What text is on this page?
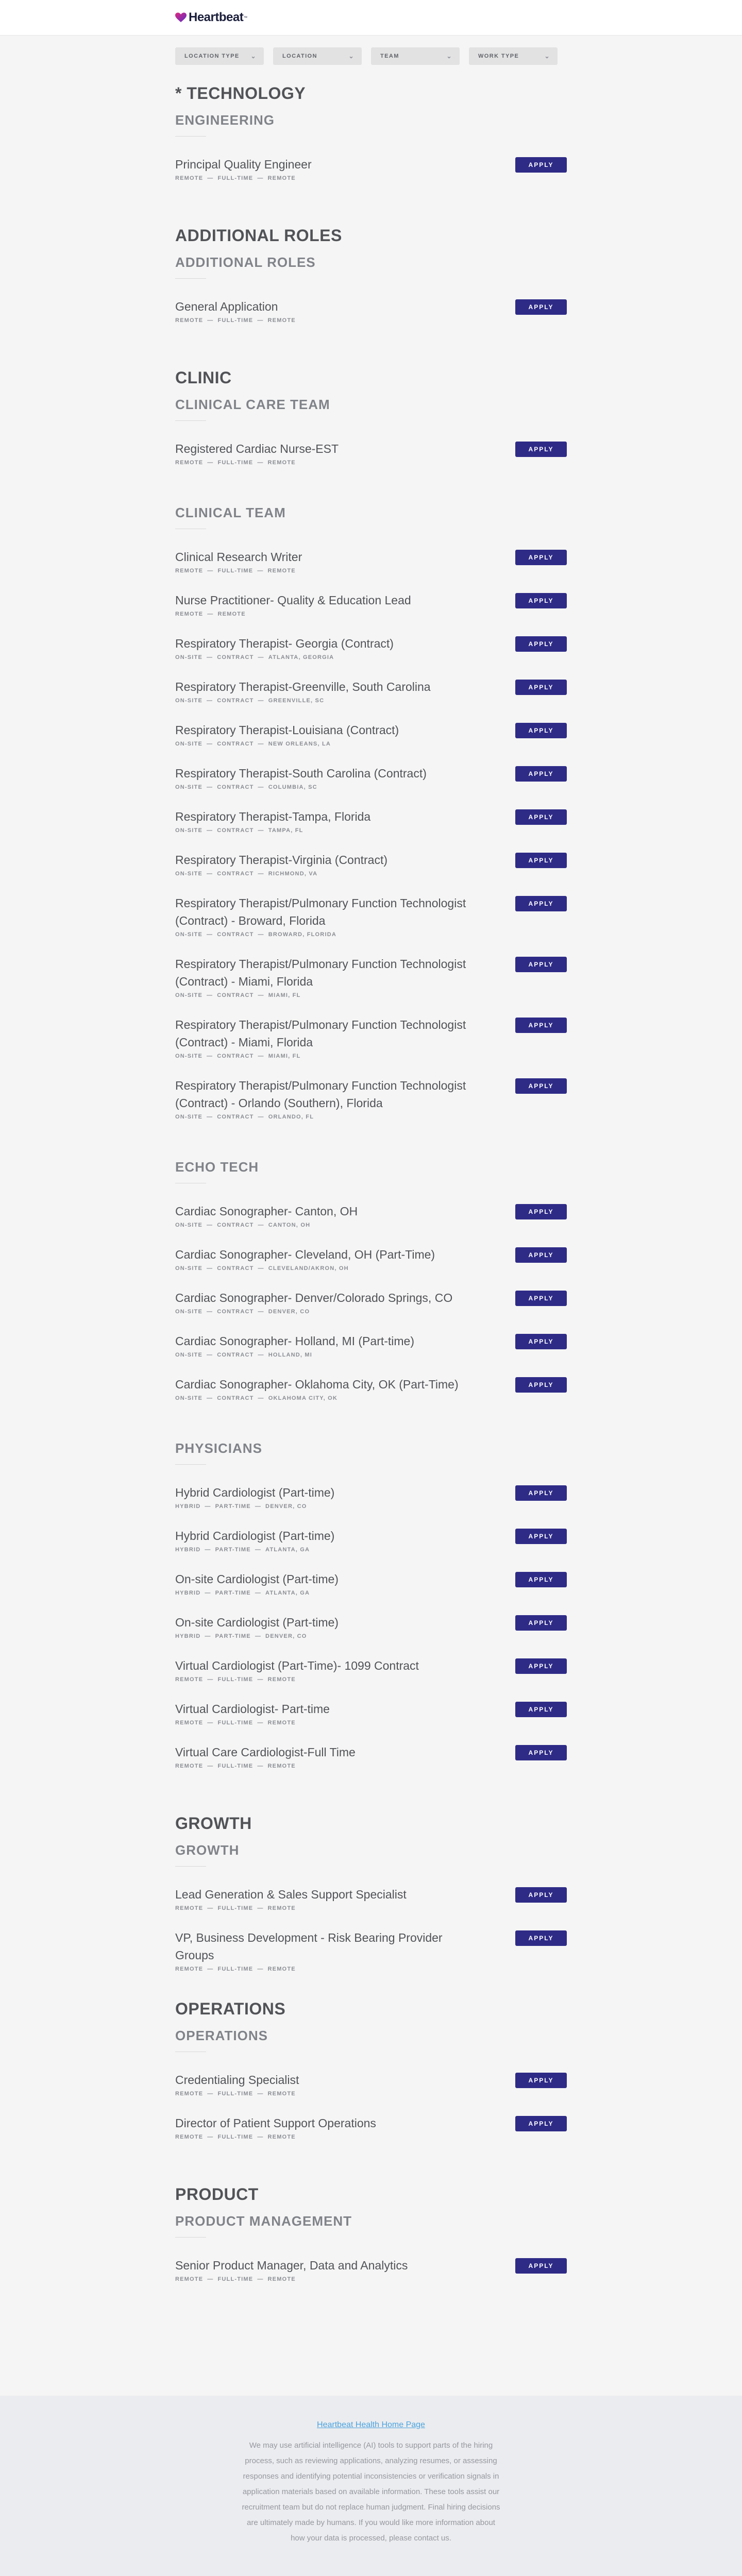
Heartbeat ™
LOCATION TYPE ⌄	LOCATION	⌄	TEAM	⌄	WORK TYPE	⌄
* TECHNOLOGY
ENGINEERING
Principal Quality Engineer
REMOTE — FULL-TIME — REMOTE
APPLY
ADDITIONAL ROLES
ADDITIONAL ROLES
General Application
REMOTE — FULL-TIME — REMOTE
APPLY
CLINIC
CLINICAL CARE TEAM
Registered Cardiac Nurse-EST
REMOTE — FULL-TIME — REMOTE
APPLY
CLINICAL TEAM
Clinical Research Writer
REMOTE — FULL-TIME — REMOTE
APPLY
Nurse Practitioner- Quality & Education Lead
REMOTE — REMOTE
APPLY
Respiratory Therapist- Georgia (Contract)
ON-SITE — CONTRACT — ATLANTA, GEORGIA
APPLY
Respiratory Therapist-Greenville, South Carolina
ON-SITE — CONTRACT — GREENVILLE, SC
APPLY
Respiratory Therapist-Louisiana (Contract)
ON-SITE — CONTRACT — NEW ORLEANS, LA
APPLY
Respiratory Therapist-South Carolina (Contract)
ON-SITE — CONTRACT — COLUMBIA, SC
APPLY
Respiratory Therapist-Tampa, Florida
ON-SITE — CONTRACT — TAMPA, FL
APPLY
Respiratory Therapist-Virginia (Contract)
ON-SITE — CONTRACT — RICHMOND, VA
APPLY
Respiratory Therapist/Pulmonary Function Technologist (Contract) - Broward, Florida
ON-SITE — CONTRACT — BROWARD, FLORIDA
APPLY
Respiratory Therapist/Pulmonary Function Technologist (Contract) - Miami, Florida
ON-SITE — CONTRACT — MIAMI, FL
APPLY
Respiratory Therapist/Pulmonary Function Technologist (Contract) - Miami, Florida
ON-SITE — CONTRACT — MIAMI, FL
APPLY
Respiratory Therapist/Pulmonary Function Technologist (Contract) - Orlando (Southern), Florida
ON-SITE — CONTRACT — ORLANDO, FL
APPLY
ECHO TECH
Cardiac Sonographer- Canton, OH
ON-SITE — CONTRACT — CANTON, OH
APPLY
Cardiac Sonographer- Cleveland, OH (Part-Time)
ON-SITE — CONTRACT — CLEVELAND/AKRON, OH
APPLY
Cardiac Sonographer- Denver/Colorado Springs, CO
ON-SITE — CONTRACT — DENVER, CO
APPLY
Cardiac Sonographer- Holland, MI (Part-time)
ON-SITE — CONTRACT — HOLLAND, MI
APPLY
Cardiac Sonographer- Oklahoma City, OK (Part-Time)
ON-SITE — CONTRACT — OKLAHOMA CITY, OK
APPLY
PHYSICIANS
Hybrid Cardiologist (Part-time)
HYBRID — PART-TIME — DENVER, CO
APPLY
Hybrid Cardiologist (Part-time)
HYBRID — PART-TIME — ATLANTA, GA
APPLY
On-site Cardiologist (Part-time)
HYBRID — PART-TIME — ATLANTA, GA
APPLY
On-site Cardiologist (Part-time)
HYBRID — PART-TIME — DENVER, CO
APPLY
Virtual Cardiologist (Part-Time)- 1099 Contract
REMOTE — FULL-TIME — REMOTE
APPLY
Virtual Cardiologist- Part-time
REMOTE — FULL-TIME — REMOTE
APPLY
Virtual Care Cardiologist-Full Time
REMOTE — FULL-TIME — REMOTE
APPLY
GROWTH
GROWTH
Lead Generation & Sales Support Specialist
REMOTE — FULL-TIME — REMOTE
APPLY
VP, Business Development - Risk Bearing Provider Groups
REMOTE — FULL-TIME — REMOTE
APPLY
OPERATIONS
OPERATIONS
Credentialing Specialist
REMOTE — FULL-TIME — REMOTE
APPLY
Director of Patient Support Operations
REMOTE — FULL-TIME — REMOTE
APPLY
PRODUCT
PRODUCT MANAGEMENT
Senior Product Manager, Data and Analytics
REMOTE — FULL-TIME — REMOTE
APPLY
Heartbeat Health Home Page
We may use artificial intelligence (AI) tools to support parts of the hiring process, such as reviewing applications, analyzing resumes, or assessing responses and identifying potential inconsistencies or verification signals in application materials based on available information. These tools assist our recruitment team but do not replace human judgment. Final hiring decisions are ultimately made by humans. If you would like more information about how your data is processed, please contact us.
